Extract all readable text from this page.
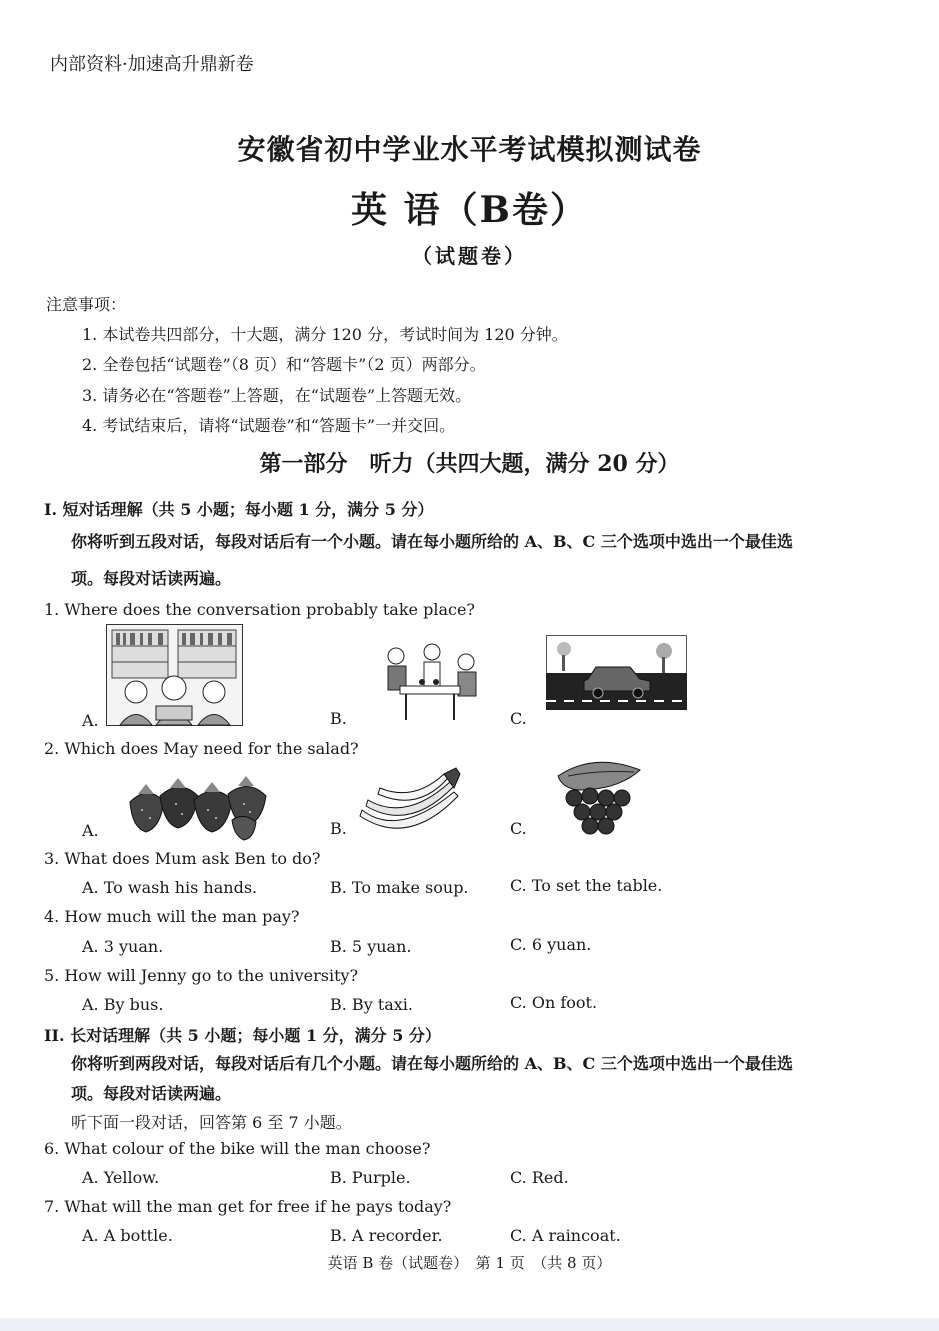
内部资料·加速高升鼎新卷
安徽省初中学业水平考试模拟测试卷
英 语（B卷）
（试题卷）
注意事项：
1. 本试卷共四部分，十大题，满分 120 分，考试时间为 120 分钟。
2. 全卷包括“试题卷”（8 页）和“答题卡”（2 页）两部分。
3. 请务必在“答题卷”上答题，在“试题卷”上答题无效。
4. 考试结束后，请将“试题卷”和“答题卡”一并交回。
第一部分　听力（共四大题，满分 20 分）
I. 短对话理解（共 5 小题；每小题 1 分，满分 5 分）
你将听到五段对话，每段对话后有一个小题。请在每小题所给的 A、B、C 三个选项中选出一个最佳选
项。每段对话读两遍。
1. Where does the conversation probably take place?
A.	B.	C.
2. Which does May need for the salad?
A.	B.	C.
3. What does Mum ask Ben to do?
A. To wash his hands.	B. To make soup.	C. To set the table.
4. How much will the man pay?
A. 3 yuan.	B. 5 yuan.	C. 6 yuan.
5. How will Jenny go to the university?
A. By bus.	B. By taxi.	C. On foot.
II. 长对话理解（共 5 小题；每小题 1 分，满分 5 分）
你将听到两段对话，每段对话后有几个小题。请在每小题所给的 A、B、C 三个选项中选出一个最佳选
项。每段对话读两遍。
听下面一段对话，回答第 6 至 7 小题。
6. What colour of the bike will the man choose?
A. Yellow.	B. Purple.	C. Red.
7. What will the man get for free if he pays today?
A. A bottle.	B. A recorder.	C. A raincoat.
英语 B 卷（试题卷）　第 1 页　（共 8 页）
